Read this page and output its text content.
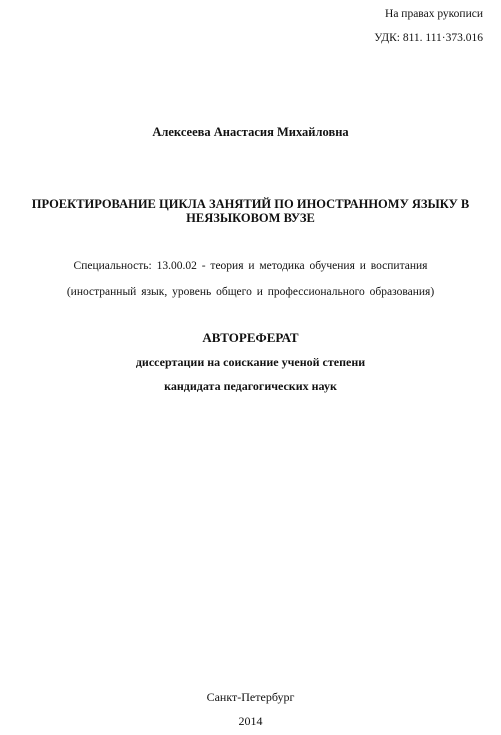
На правах рукописи
УДК: 811. 111·373.016
Алексеева Анастасия Михайловна
ПРОЕКТИРОВАНИЕ ЦИКЛА ЗАНЯТИЙ ПО ИНОСТРАННОМУ ЯЗЫКУ В
НЕЯЗЫКОВОМ ВУЗЕ
Специальность: 13.00.02 - теория и методика обучения и воспитания
(иностранный язык, уровень общего и профессионального образования)
АВТОРЕФЕРАТ
диссертации на соискание ученой степени
кандидата педагогических наук
Санкт-Петербург
2014
